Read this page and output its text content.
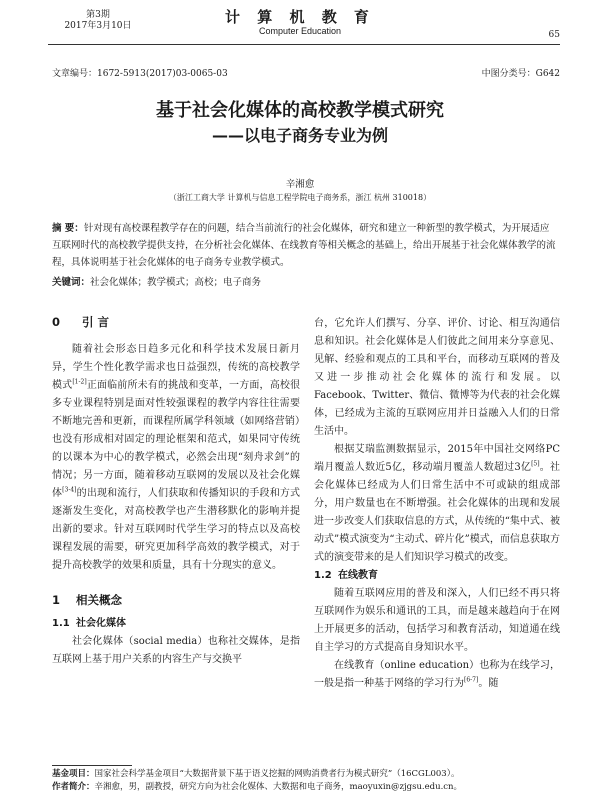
第3期
2017年3月10日	计 算 机 教 育
Computer Education	65
文章编号：1672-5913(2017)03-0065-03	中图分类号：G642
基于社会化媒体的高校教学模式研究
——以电子商务专业为例
辛湘愈
（浙江工商大学 计算机与信息工程学院电子商务系，浙江 杭州 310018）
摘 要：针对现有高校课程教学存在的问题，结合当前流行的社会化媒体，研究和建立一种新型的教学模式，为开展适应互联网时代的高校教学提供支持，在分析社会化媒体、在线教育等相关概念的基础上，给出开展基于社会化媒体教学的流程，具体说明基于社会化媒体的电子商务专业教学模式。
关键词：社会化媒体；教学模式；高校；电子商务
0 引 言

随着社会形态日趋多元化和科学技术发展日新月异，学生个性化教学需求也日益强烈，传统的高校教学模式[1-2]正面临前所未有的挑战和变革，一方面，高校很多专业课程特别是面对性较强课程的教学内容往往需要不断地完善和更新，而课程所属学科领域（如网络营销）也没有形成相对固定的理论框架和范式，如果同守传统的以课本为中心的教学模式，必然会出现“刻舟求剑”的情况；另一方面，随着移动互联网的发展以及社会化媒体[3-4]的出现和流行，人们获取和传播知识的手段和方式逐渐发生变化，对高校教学也产生潜移默化的影响并提出新的要求。针对互联网时代学生学习的特点以及高校课程发展的需要，研究更加科学高效的教学模式，对于提升高校教学的效果和质量，具有十分现实的意义。

1 相关概念
1.1 社会化媒体

社会化媒体（social media）也称社交媒体，是指互联网上基于用户关系的内容生产与交换平

台，它允许人们撰写、分享、评价、讨论、相互沟通信息和知识。社会化媒体是人们彼此之间用来分享意见、见解、经验和观点的工具和平台，而移动互联网的普及又进一步推动社会化媒体的流行和发展。以Facebook、Twitter、微信、微博等为代表的社会化媒体，已经成为主流的互联网应用并日益融入人们的日常生活中。

根据艾瑞监测数据显示，2015年中国社交网络PC端月覆盖人数近5亿，移动端月覆盖人数超过3亿[5]。社会化媒体已经成为人们日常生活中不可或缺的组成部分，用户数量也在不断增强。社会化媒体的出现和发展进一步改变人们获取信息的方式，从传统的“集中式、被动式”模式演变为“主动式、碎片化”模式，而信息获取方式的演变带来的是人们知识学习模式的改变。

1.2 在线教育

随着互联网应用的普及和深入，人们已经不再只将互联网作为娱乐和通讯的工具，而是越来越趋向于在网上开展更多的活动，包括学习和教育活动，知道通在线自主学习的方式提高自身知识水平。

在线教育（online education）也称为在线学习，一般是指一种基于网络的学习行为[6-7]。随

基金项目：国家社会科学基金项目“大数据背景下基于语义挖掘的网购消费者行为模式研究”（16CGL003）。
作者简介：辛湘愈，男，副教授，研究方向为社会化媒体、大数据和电子商务，maoyuxin@zjgsu.edu.cn。
